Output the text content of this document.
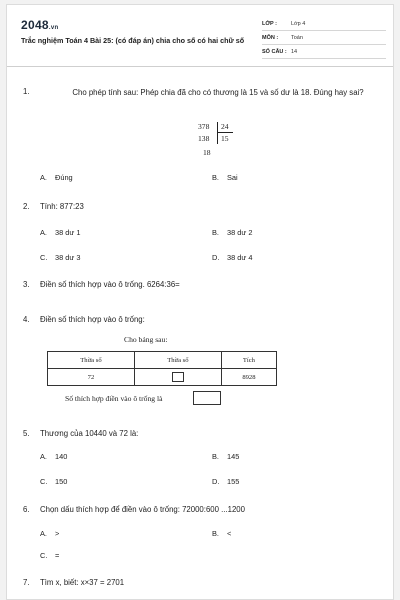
2048.vn
Trắc nghiệm Toán 4 Bài 25: (có đáp án) chia cho số có hai chữ số
LỚP :	Lớp 4
MÔN : Toán
SỐ CÂU : 14
1.	Cho phép tính sau: Phép chia đã cho có thương là 15 và số dư là 18. Đúng hay sai?
378 24
138 15
18
A. Đúng	B. Sai
2.	Tính: 877:23
A. 38 dư 1	B. 38 dư 2
C. 38 dư 3	D. 38 dư 4
3.	Điền số thích hợp vào ô trống. 6264:36=
4.	Điền số thích hợp vào ô trống:
Cho bảng sau:
Thừa số	Thừa số	Tích
72		8928
Số thích hợp điền vào ô trống là
5.	Thương của 10440 và 72 là:
A. 140	B. 145
C. 150	D. 155
6.	Chọn dấu thích hợp để điền vào ô trống: 72000:600 ...1200
A. >	B. <
C. =
7.	Tìm x, biết: x×37 = 2701
